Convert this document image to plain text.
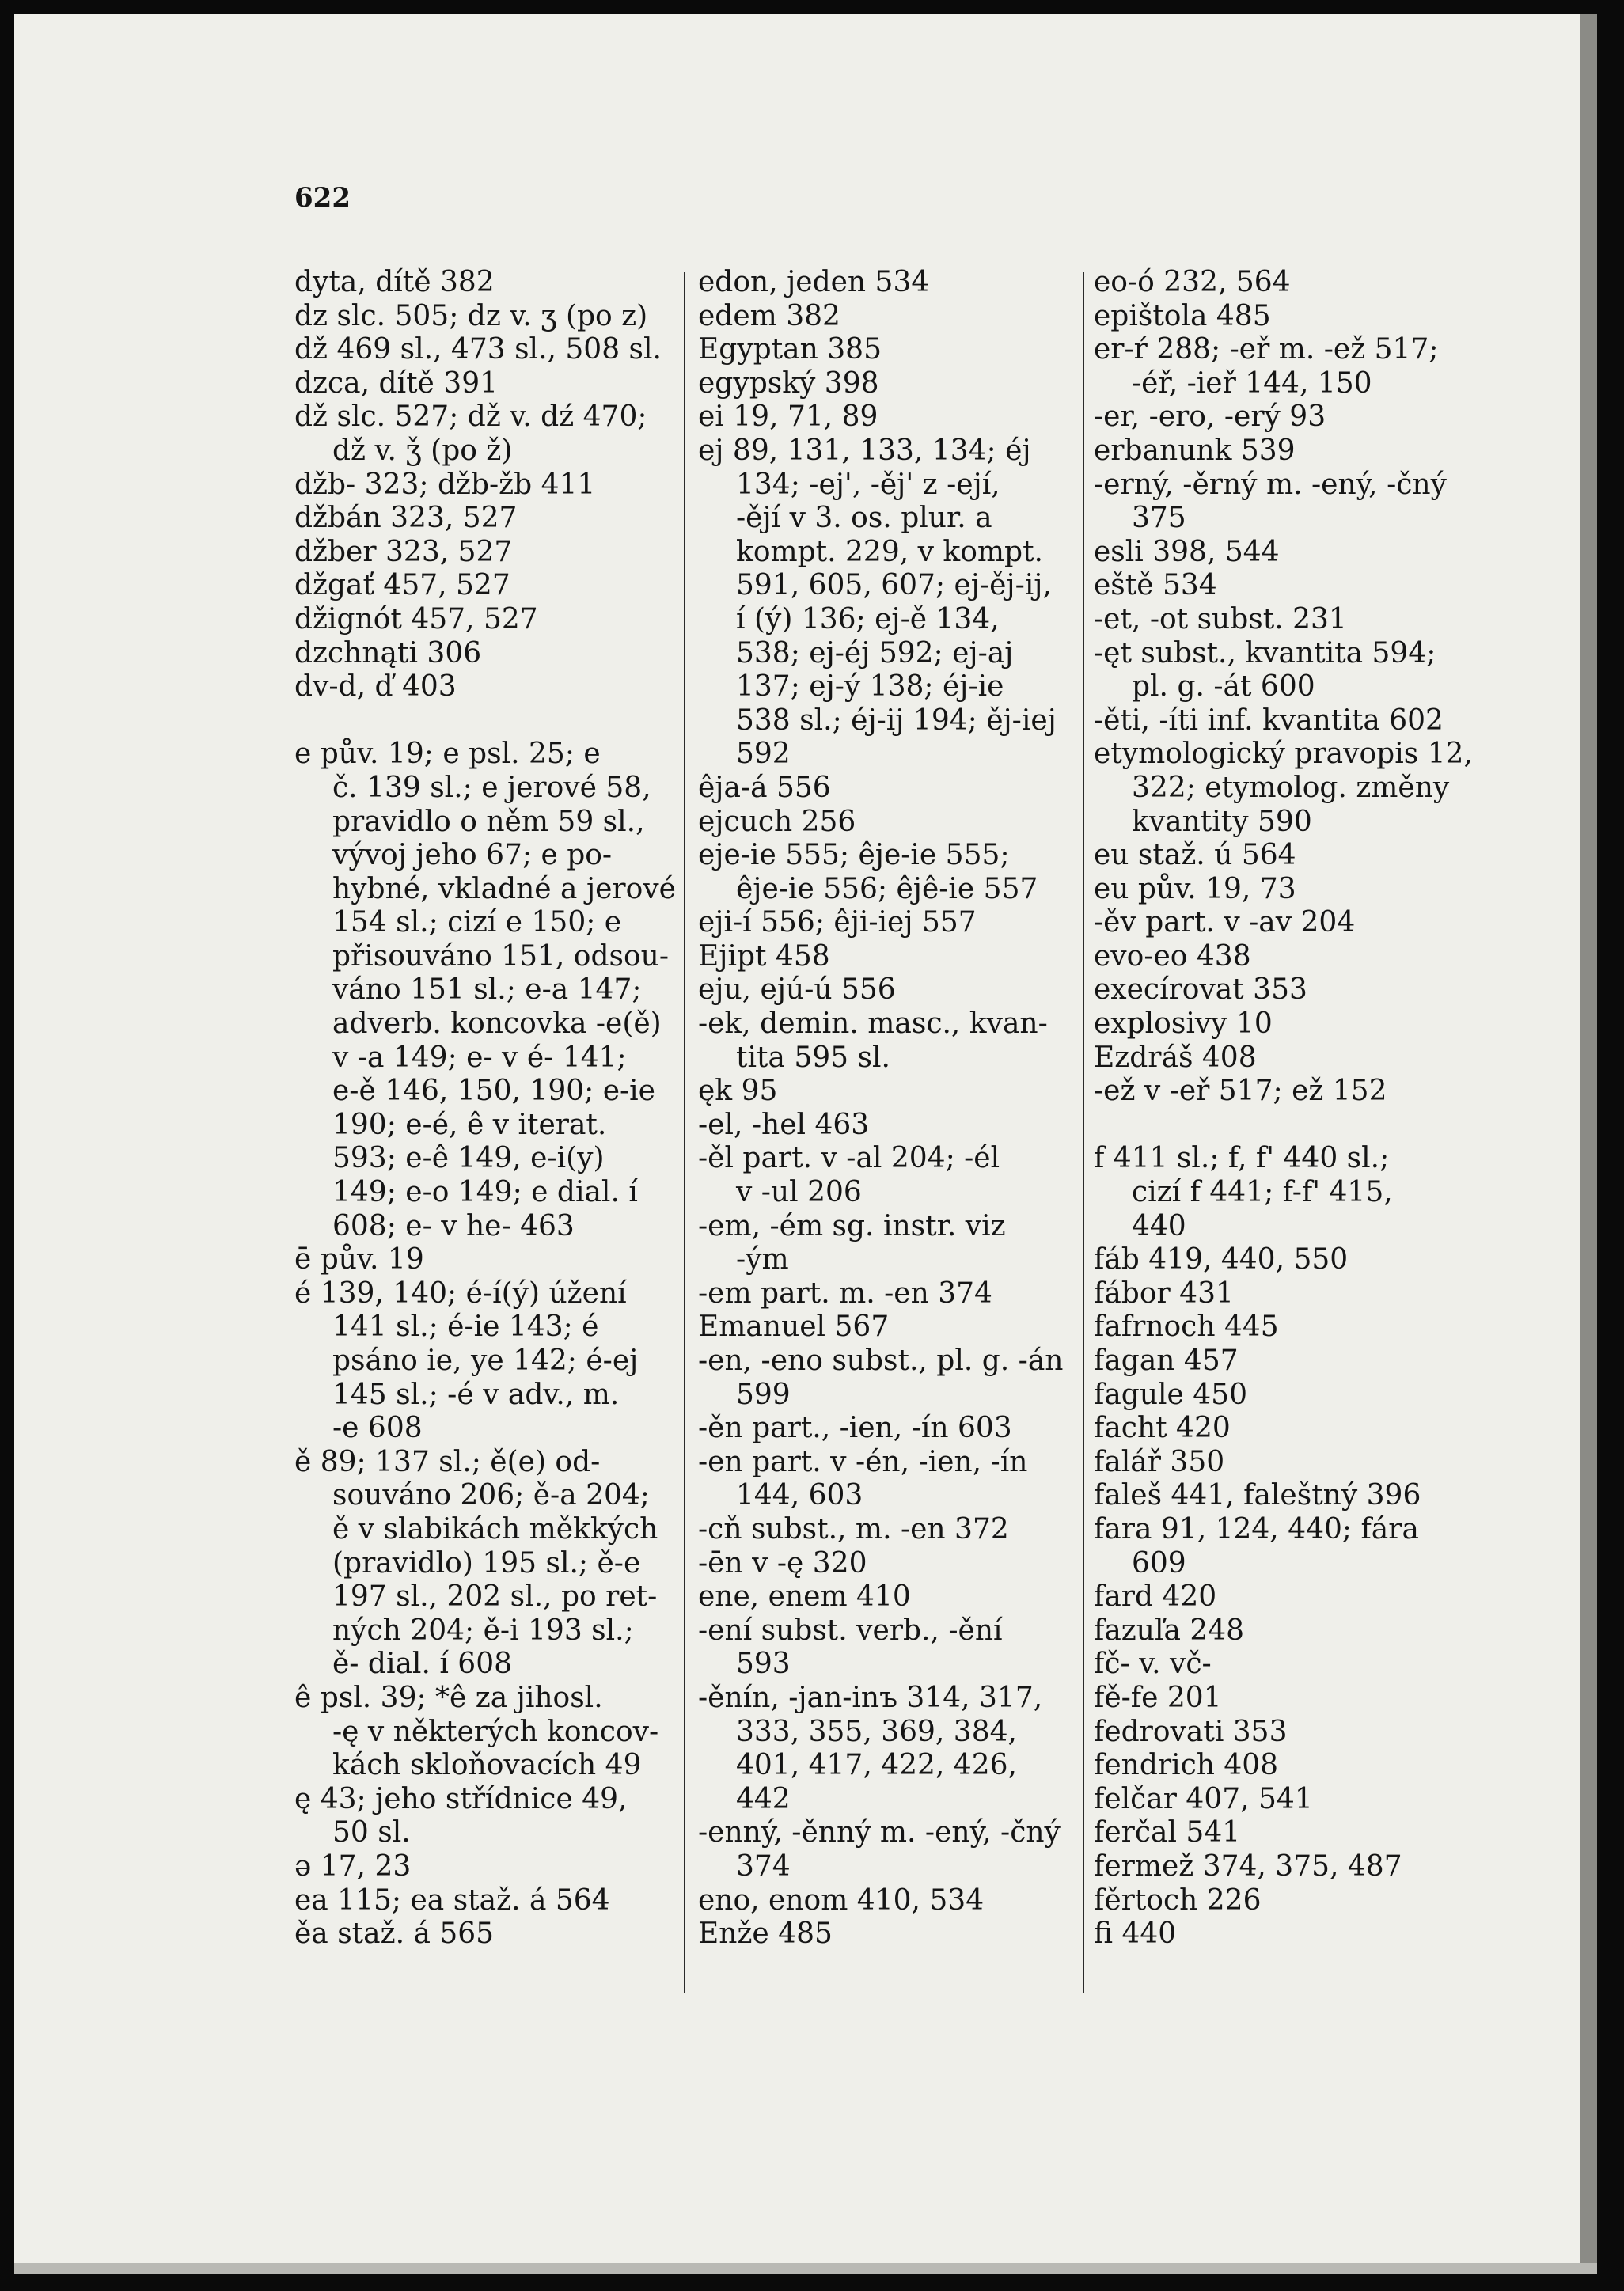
622
dyta, dítě 382
dz slc. 505; dz v. ʒ (po z)
dž 469 sl., 473 sl., 508 sl.
dzca, dítě 391
dž slc. 527; dž v. dź 470;
dž v. ǯ (po ž)
džb- 323; džb-žb 411
džbán 323, 527
džber 323, 527
džgať 457, 527
džignót 457, 527
dzchnąti 306
dv-d, ď 403
e pův. 19; e psl. 25; e
č. 139 sl.; e jerové 58,
pravidlo o něm 59 sl.,
vývoj jeho 67; e po-
hybné, vkladné a jerové
154 sl.; cizí e 150; e
přisouváno 151, odsou-
váno 151 sl.; e-a 147;
adverb. koncovka -e(ě)
v -a 149; e- v é- 141;
e-ě 146, 150, 190; e-ie
190; e-é, ê v iterat.
593; e-ê 149, e-i(y)
149; e-o 149; e dial. í
608; e- v he- 463
ē pův. 19
é 139, 140; é-í(ý) úžení
141 sl.; é-ie 143; é
psáno ie, ye 142; é-ej
145 sl.; -é v adv., m.
-e 608
ě 89; 137 sl.; ě(e) od-
souváno 206; ě-a 204;
ě v slabikách měkkých
(pravidlo) 195 sl.; ě-e
197 sl., 202 sl., po ret-
ných 204; ě-i 193 sl.;
ě- dial. í 608
ê psl. 39; *ê za jihosl.
-ę v některých koncov-
kách skloňovacích 49
ę 43; jeho střídnice 49,
50 sl.
ə 17, 23
ea 115; ea staž. á 564
ěa staž. á 565
edon, jeden 534
edem 382
Egyptan 385
egypský 398
ei 19, 71, 89
ej 89, 131, 133, 134; éj
134; -ej', -ěj' z -ejí,
-ějí v 3. os. plur. a
kompt. 229, v kompt.
591, 605, 607; ej-ěj-ij,
í (ý) 136; ej-ě 134,
538; ej-éj 592; ej-aj
137; ej-ý 138; éj-ie
538 sl.; éj-ij 194; ěj-iej
592
êja-á 556
ejcuch 256
eje-ie 555; êje-ie 555;
êje-ie 556; êjê-ie 557
eji-í 556; êji-iej 557
Ejipt 458
eju, ejú-ú 556
-ek, demin. masc., kvan-
tita 595 sl.
ęk 95
-el, -hel 463
-ěl part. v -al 204; -él
v -ul 206
-em, -ém sg. instr. viz
-ým
-em part. m. -en 374
Emanuel 567
-en, -eno subst., pl. g. -án
599
-ěn part., -ien, -ín 603
-en part. v -én, -ien, -ín
144, 603
-cň subst., m. -en 372
-ēn v -ę 320
ene, enem 410
-ení subst. verb., -ění
593
-ěnín, -jan-inъ 314, 317,
333, 355, 369, 384,
401, 417, 422, 426,
442
-enný, -ěnný m. -ený, -čný
374
eno, enom 410, 534
Enže 485
eo-ó 232, 564
epištola 485
er-ŕ 288; -eř m. -ež 517;
-éř, -ieř 144, 150
-er, -ero, -erý 93
erbanunk 539
-erný, -ěrný m. -ený, -čný
375
esli 398, 544
eště 534
-et, -ot subst. 231
-ęt subst., kvantita 594;
pl. g. -át 600
-ěti, -íti inf. kvantita 602
etymologický pravopis 12,
322; etymolog. změny
kvantity 590
eu staž. ú 564
eu pův. 19, 73
-ěv part. v -av 204
evo-eo 438
execírovat 353
explosivy 10
Ezdráš 408
-ež v -eř 517; ež 152
f 411 sl.; f, f' 440 sl.;
cizí f 441; f-f' 415,
440
fáb 419, 440, 550
fábor 431
fafrnoch 445
fagan 457
fagule 450
facht 420
falář 350
faleš 441, faleštný 396
fara 91, 124, 440; fára
609
fard 420
fazuľa 248
fč- v. vč-
fě-fe 201
fedrovati 353
fendrich 408
felčar 407, 541
ferčal 541
fermež 374, 375, 487
fěrtoch 226
fi 440
